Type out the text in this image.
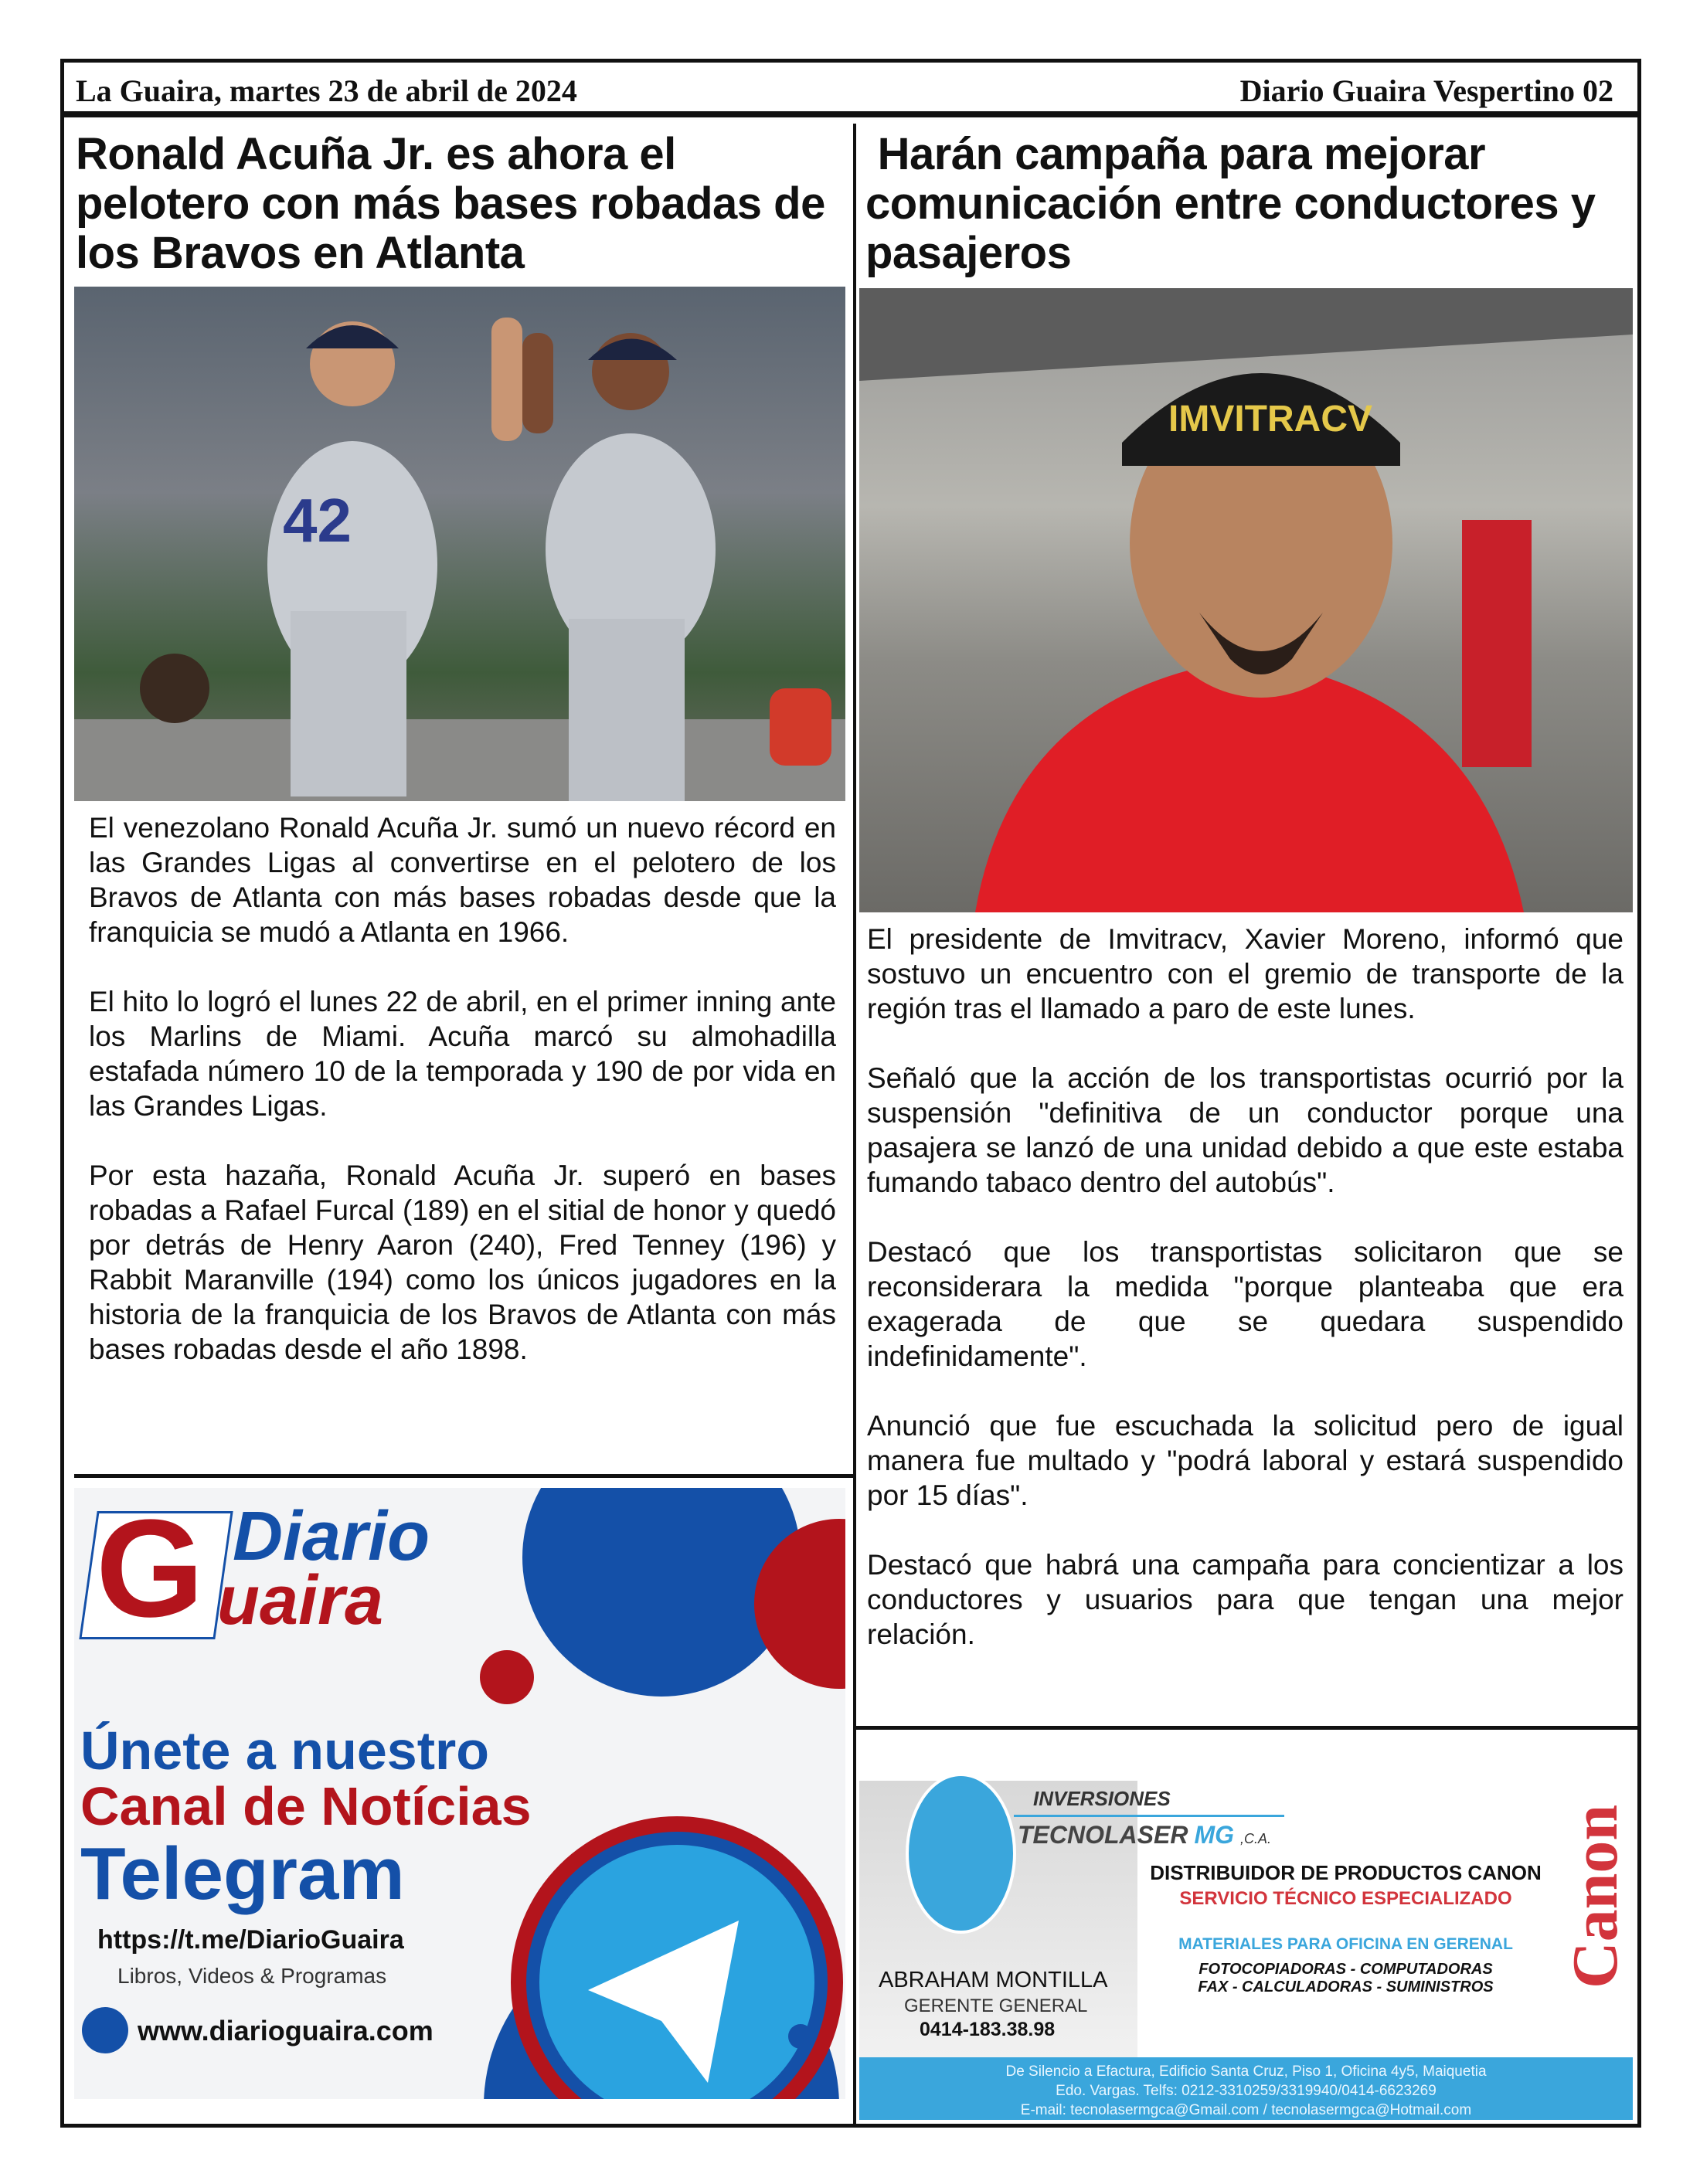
La Guaira, martes 23 de abril de 2024	Diario Guaira Vespertino 02
Ronald Acuña Jr. es ahora el pelotero con más bases robadas de los Bravos en Atlanta
42

El venezolano Ronald Acuña Jr. sumó un nuevo récord en las Grandes Ligas al convertirse en el pelotero de los Bravos de Atlanta con más bases robadas desde que la franquicia se mudó a Atlanta en 1966.

El hito lo logró el lunes 22 de abril, en el primer inning ante los Marlins de Miami. Acuña marcó su almohadilla estafada número 10 de la temporada y 190 de por vida en las Grandes Ligas.

Por esta hazaña, Ronald Acuña Jr. superó en bases robadas a Rafael Furcal (189) en el sitial de honor y quedó por detrás de Henry Aaron (240), Fred Tenney (196) y Rabbit Maranville (194) como los únicos jugadores en la historia de la franquicia de los Bravos de Atlanta con más bases robadas desde el año 1898.

G Diario
uaira
Únete a nuestro
Canal de Notícias
Telegram
https://t.me/DiarioGuaira
Libros, Videos & Programas
www.diarioguaira.com
Harán campaña para mejorar comunicación entre conductores y pasajeros
IMVITRACV

El presidente de Imvitracv, Xavier Moreno, informó que sostuvo un encuentro con el gremio de transporte de la región tras el llamado a paro de este lunes.

Señaló que la acción de los transportistas ocurrió por la suspensión "definitiva de un conductor porque una pasajera se lanzó de una unidad debido a que este estaba fumando tabaco dentro del autobús".

Destacó que los transportistas solicitaron que se reconsiderara la medida "porque planteaba que era exagerada de que se quedara suspendido indefinidamente".

Anunció que fue escuchada la solicitud pero de igual manera fue multado y "podrá laboral y estará suspendido por 15 días".

Destacó que habrá una campaña para concientizar a los conductores y usuarios para que tengan una mejor relación.

INVERSIONES
TECNOLASER MG ,C.A.
DISTRIBUIDOR DE PRODUCTOS CANON
SERVICIO TÉCNICO ESPECIALIZADO
MATERIALES PARA OFICINA EN GERENAL
FOTOCOPIADORAS - COMPUTADORAS
FAX - CALCULADORAS - SUMINISTROS
ABRAHAM MONTILLA
GERENTE GENERAL
0414-183.38.98
Canon
De Silencio a Efactura, Edificio Santa Cruz, Piso 1, Oficina 4y5, Maiquetia
Edo. Vargas. Telfs: 0212-3310259/3319940/0414-6623269
E-mail: tecnolasermgca@Gmail.com / tecnolasermgca@Hotmail.com
